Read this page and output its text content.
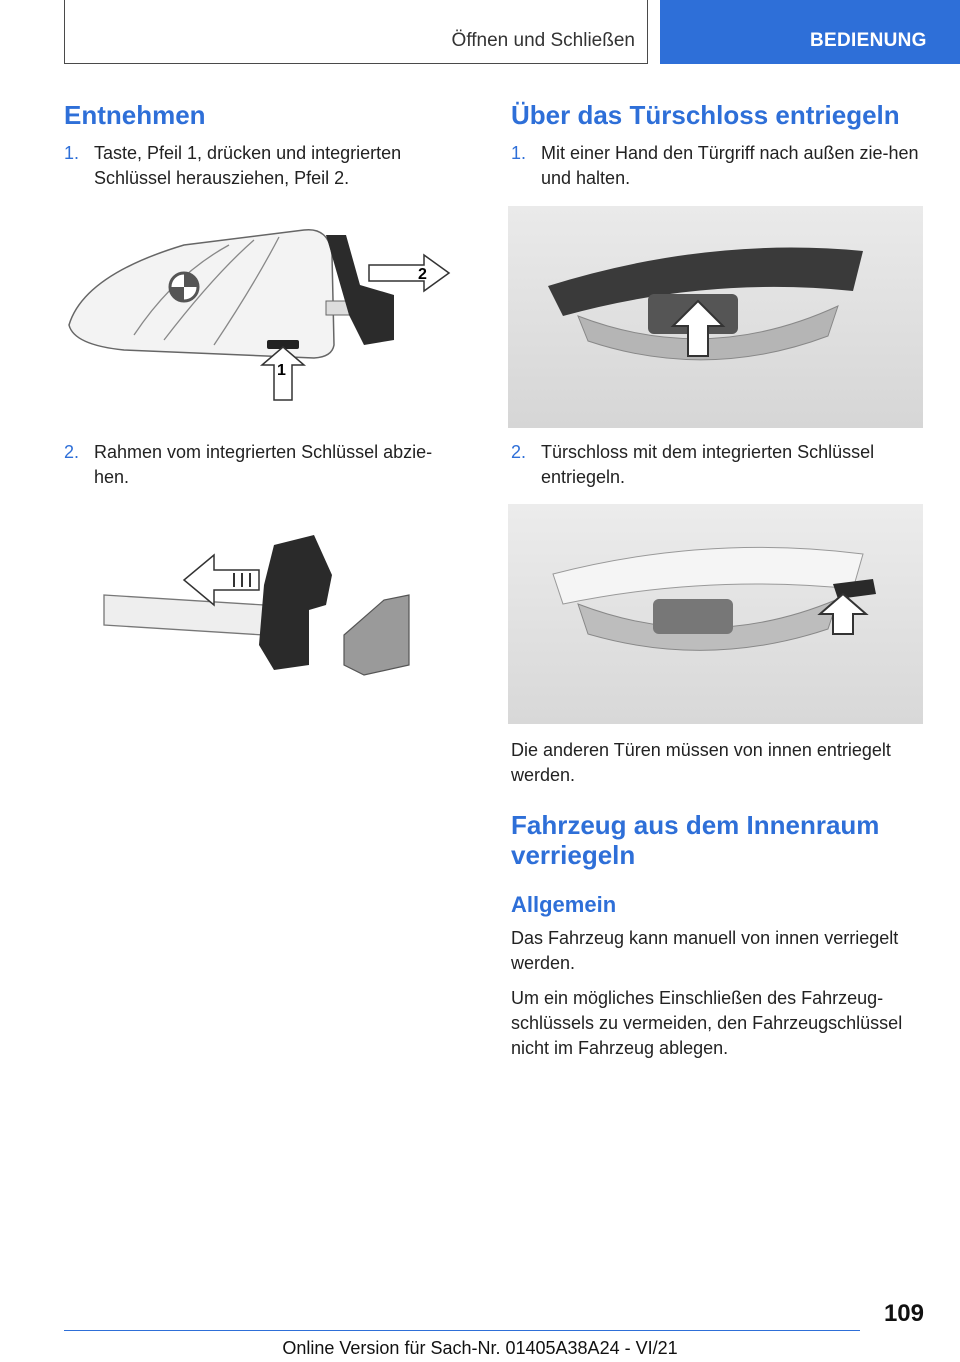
Öffnen und Schließen	BEDIENUNG
Entnehmen
1. Taste, Pfeil 1, drücken und integrierten Schlüssel herausziehen, Pfeil 2.
2
1
2. Rahmen vom integrierten Schlüssel abzie-hen.
Über das Türschloss entriegeln
1. Mit einer Hand den Türgriff nach außen zie-hen und halten.
2. Türschloss mit dem integrierten Schlüssel entriegeln.

Die anderen Türen müssen von innen entriegelt werden.

Fahrzeug aus dem Innenraum verriegeln
Allgemein

Das Fahrzeug kann manuell von innen verriegelt werden.

Um ein mögliches Einschließen des Fahrzeug-schlüssels zu vermeiden, den Fahrzeugschlüssel nicht im Fahrzeug ablegen.

109
Online Version für Sach-Nr. 01405A38A24 - VI/21
